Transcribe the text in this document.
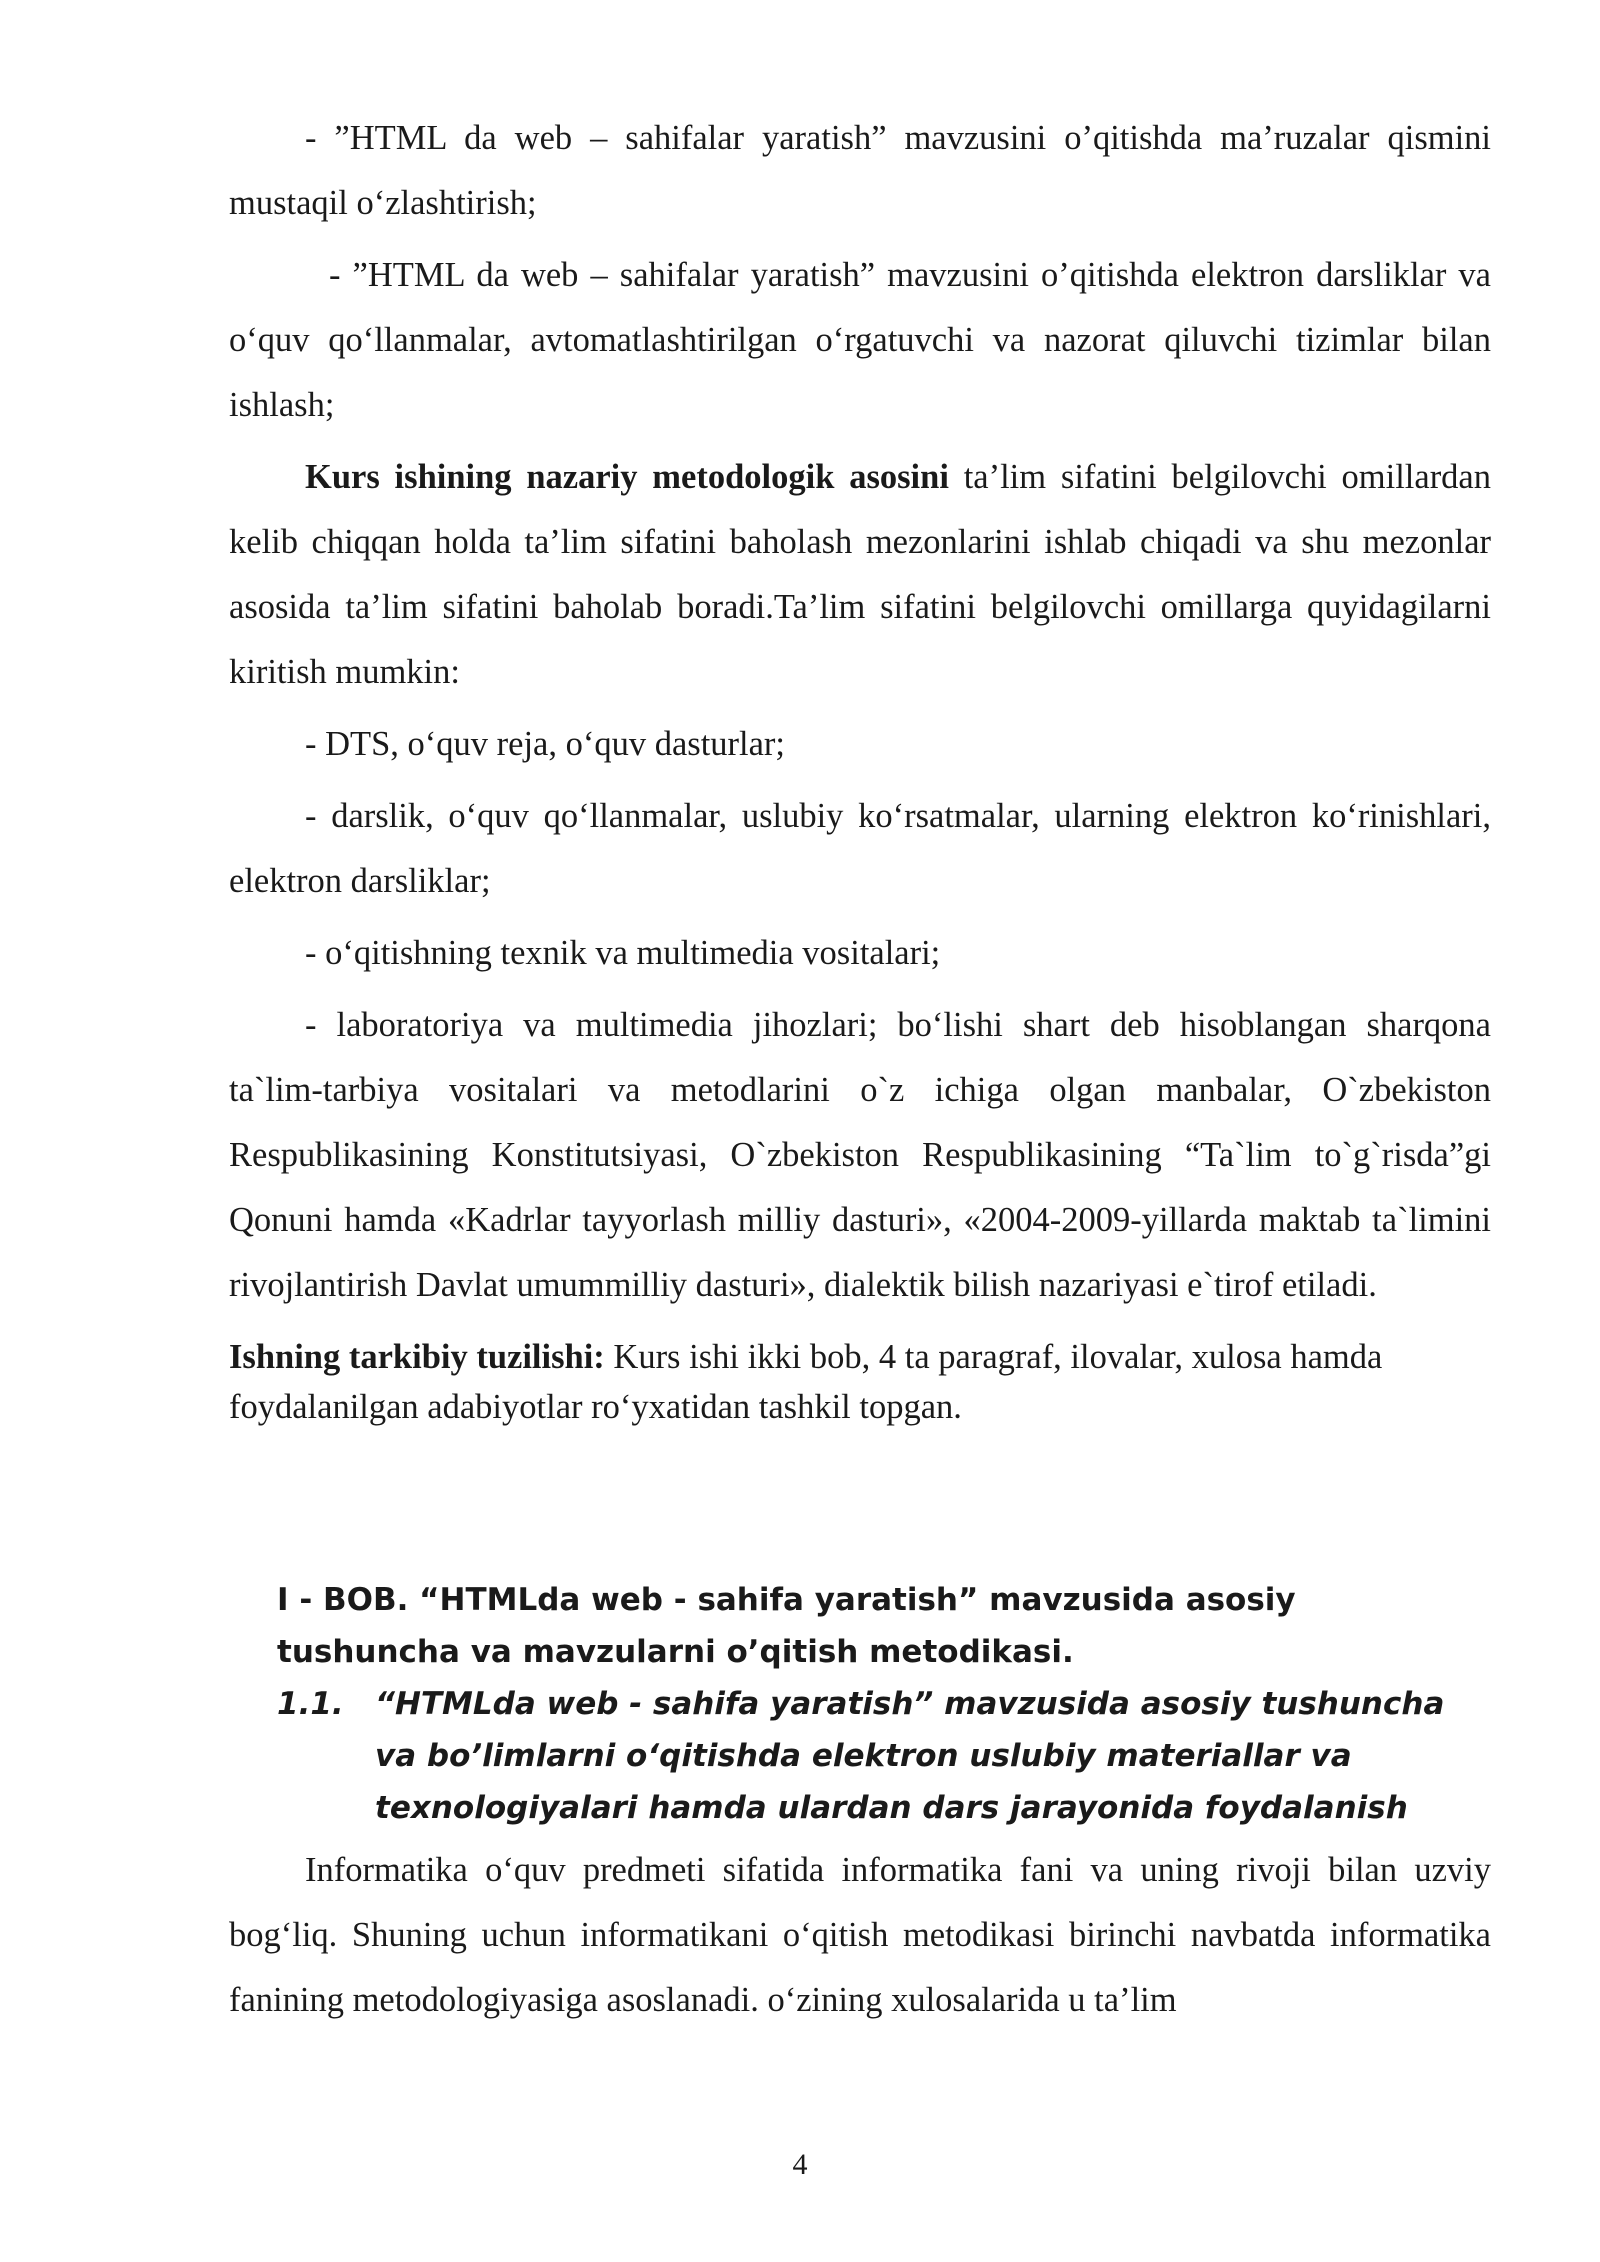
- ”HTML da web – sahifalar yaratish” mavzusini o’qitishda ma’ruzalar qismini mustaqil oʻzlashtirish;

- ”HTML da web – sahifalar yaratish” mavzusini o’qitishda elektron darsliklar va oʻquv qoʻllanmalar, avtomatlashtirilgan oʻrgatuvchi va nazorat qiluvchi tizimlar bilan ishlash;

Kurs ishining nazariy metodologik asosini ta’lim sifatini belgilovchi omillardan kelib chiqqan holda ta’lim sifatini baholash mezonlarini ishlab chiqadi va shu mezonlar asosida ta’lim sifatini baholab boradi.Ta’lim sifatini belgilovchi omillarga quyidagilarni kiritish mumkin:

- DTS, oʻquv reja, oʻquv dasturlar;

- darslik, oʻquv qoʻllanmalar, uslubiy koʻrsatmalar, ularning elektron koʻrinishlari, elektron darsliklar;

- oʻqitishning texnik va multimedia vositalari;

- laboratoriya va multimedia jihozlari; boʻlishi shart deb hisoblangan sharqona ta`lim-tarbiya vositalari va metodlarini o`z ichiga olgan manbalar, O`zbekiston Respublikasining Konstitutsiyasi, O`zbekiston Respublikasining “Ta`lim to`g`risda”gi Qonuni hamda «Kadrlar tayyorlash milliy dasturi», «2004-2009-yillarda maktab ta`limini rivojlantirish Davlat umummilliy dasturi», dialektik bilish nazariyasi e`tirof etiladi.

Ishning tarkibiy tuzilishi: Kurs ishi ikki bob, 4 ta paragraf, ilovalar, xulosa hamda foydalanilgan adabiyotlar roʻyxatidan tashkil topgan.

I - BOB. “HTMLda web - sahifa yaratish” mavzusida asosiy tushuncha va mavzularni o’qitish metodikasi.

1.1. “HTMLda web - sahifa yaratish” mavzusida asosiy tushuncha va bo’limlarni oʻqitishda elektron uslubiy materiallar va texnologiyalari hamda ulardan dars jarayonida foydalanish

Informatika oʻquv predmeti sifatida informatika fani va uning rivoji bilan uzviy bogʻliq. Shuning uchun informatikani oʻqitish metodikasi birinchi navbatda informatika fanining metodologiyasiga asoslanadi. oʻzining xulosalarida u ta’lim

4
